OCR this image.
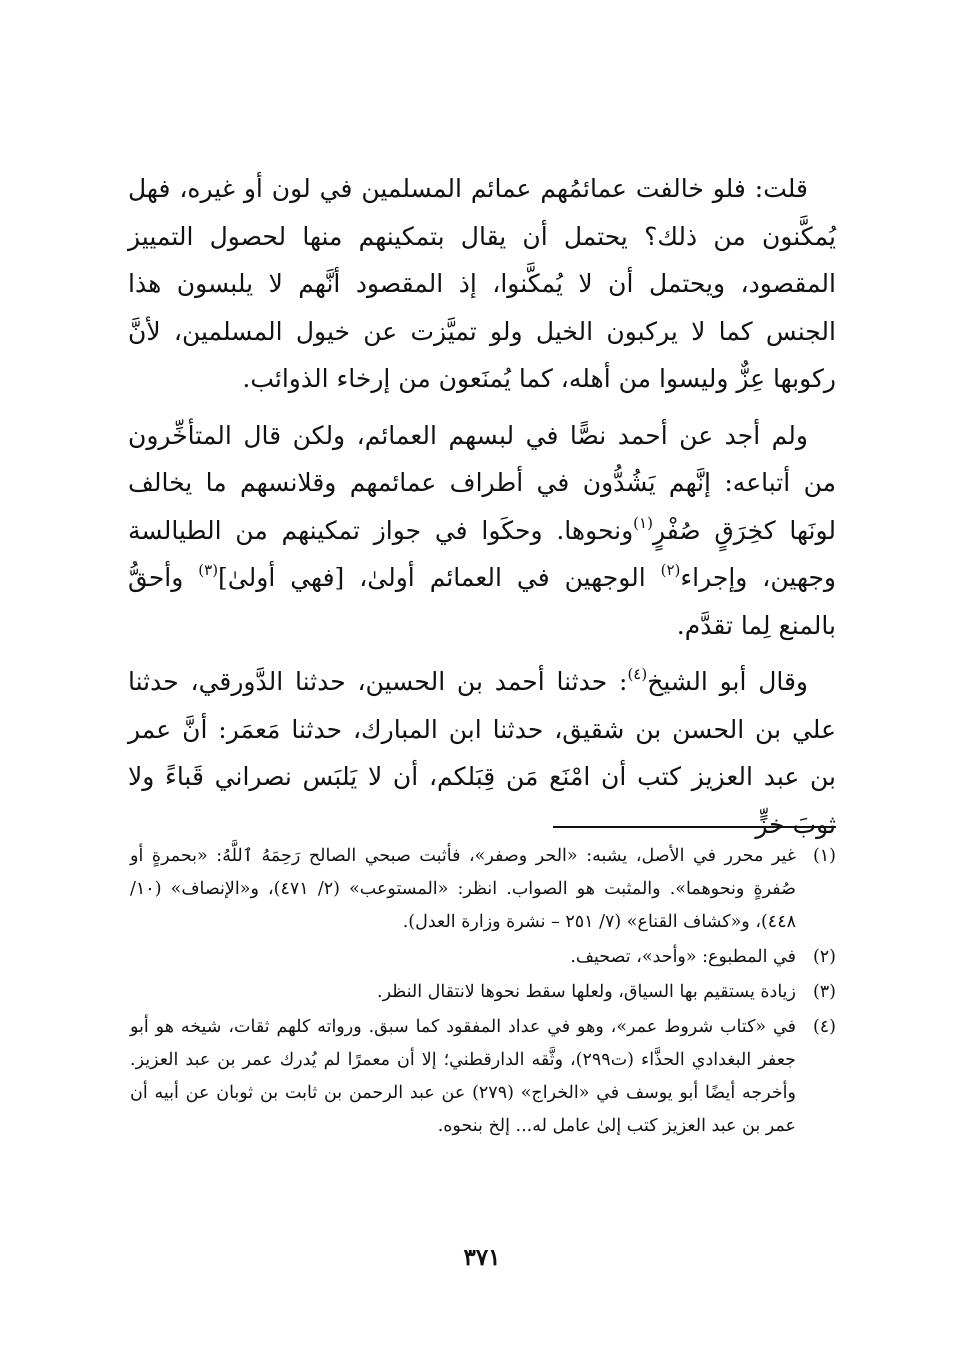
قلت: فلو خالفت عمائمُهم عمائم المسلمين في لون أو غيره، فهل يُمكَّنون من ذلك؟ يحتمل أن يقال بتمكينهم منها لحصول التمييز المقصود، ويحتمل أن لا يُمكَّنوا، إذ المقصود أنَّهم لا يلبسون هذا الجنس كما لا يركبون الخيل ولو تميَّزت عن خيول المسلمين، لأنَّ ركوبها عِزٌّ وليسوا من أهله، كما يُمنَعون من إرخاء الذوائب.

ولم أجد عن أحمد نصًّا في لبسهم العمائم، ولكن قال المتأخِّرون من أتباعه: إنَّهم يَشُدُّون في أطراف عمائمهم وقلانسهم ما يخالف لونَها كخِرَقٍ صُفْرٍ$^{(١)}$ونحوها. وحكَوا في جواز تمكينهم من الطيالسة وجهين، وإجراء$^{(٢)}$ الوجهين في العمائم أولىٰ، [فهي أولىٰ]$^{(٣)}$ وأحقُّ بالمنع لِما تقدَّم.

وقال أبو الشيخ$^{(٤)}$: حدثنا أحمد بن الحسين، حدثنا الدَّورقي، حدثنا علي بن الحسن بن شقيق، حدثنا ابن المبارك، حدثنا مَعمَر: أنَّ عمر بن عبد العزيز كتب أن امْنَع مَن قِبَلكم، أن لا يَلبَس نصراني قَباءً ولا ثوبَ خزٍّ

(١)
غير محرر في الأصل، يشبه: «الحر وصفر»، فأثبت صبحي الصالح رَحِمَهُ ٱللَّهُ: «بحمرةٍ أو صُفرةٍ ونحوهما». والمثبت هو الصواب. انظر: «المستوعب» (٢/ ٤٧١)، و«الإنصاف» (١٠/ ٤٤٨)، و«كشاف القناع» (٧/ ٢٥١ – نشرة وزارة العدل).
(٢)
في المطبوع: «وأحد»، تصحيف.
(٣)
زيادة يستقيم بها السياق، ولعلها سقط نحوها لانتقال النظر.
(٤)
في «كتاب شروط عمر»، وهو في عداد المفقود كما سبق. ورواته كلهم ثقات، شيخه هو أبو جعفر البغدادي الحذَّاء (ت٢٩٩)، وثَّقه الدارقطني؛ إلا أن معمرًا لم يُدرك عمر بن عبد العزيز. وأخرجه أيضًا أبو يوسف في «الخراج» (٢٧٩) عن عبد الرحمن بن ثابت بن ثوبان عن أبيه أن عمر بن عبد العزيز كتب إلىٰ عامل له... إلخ بنحوه.
٣٧١
